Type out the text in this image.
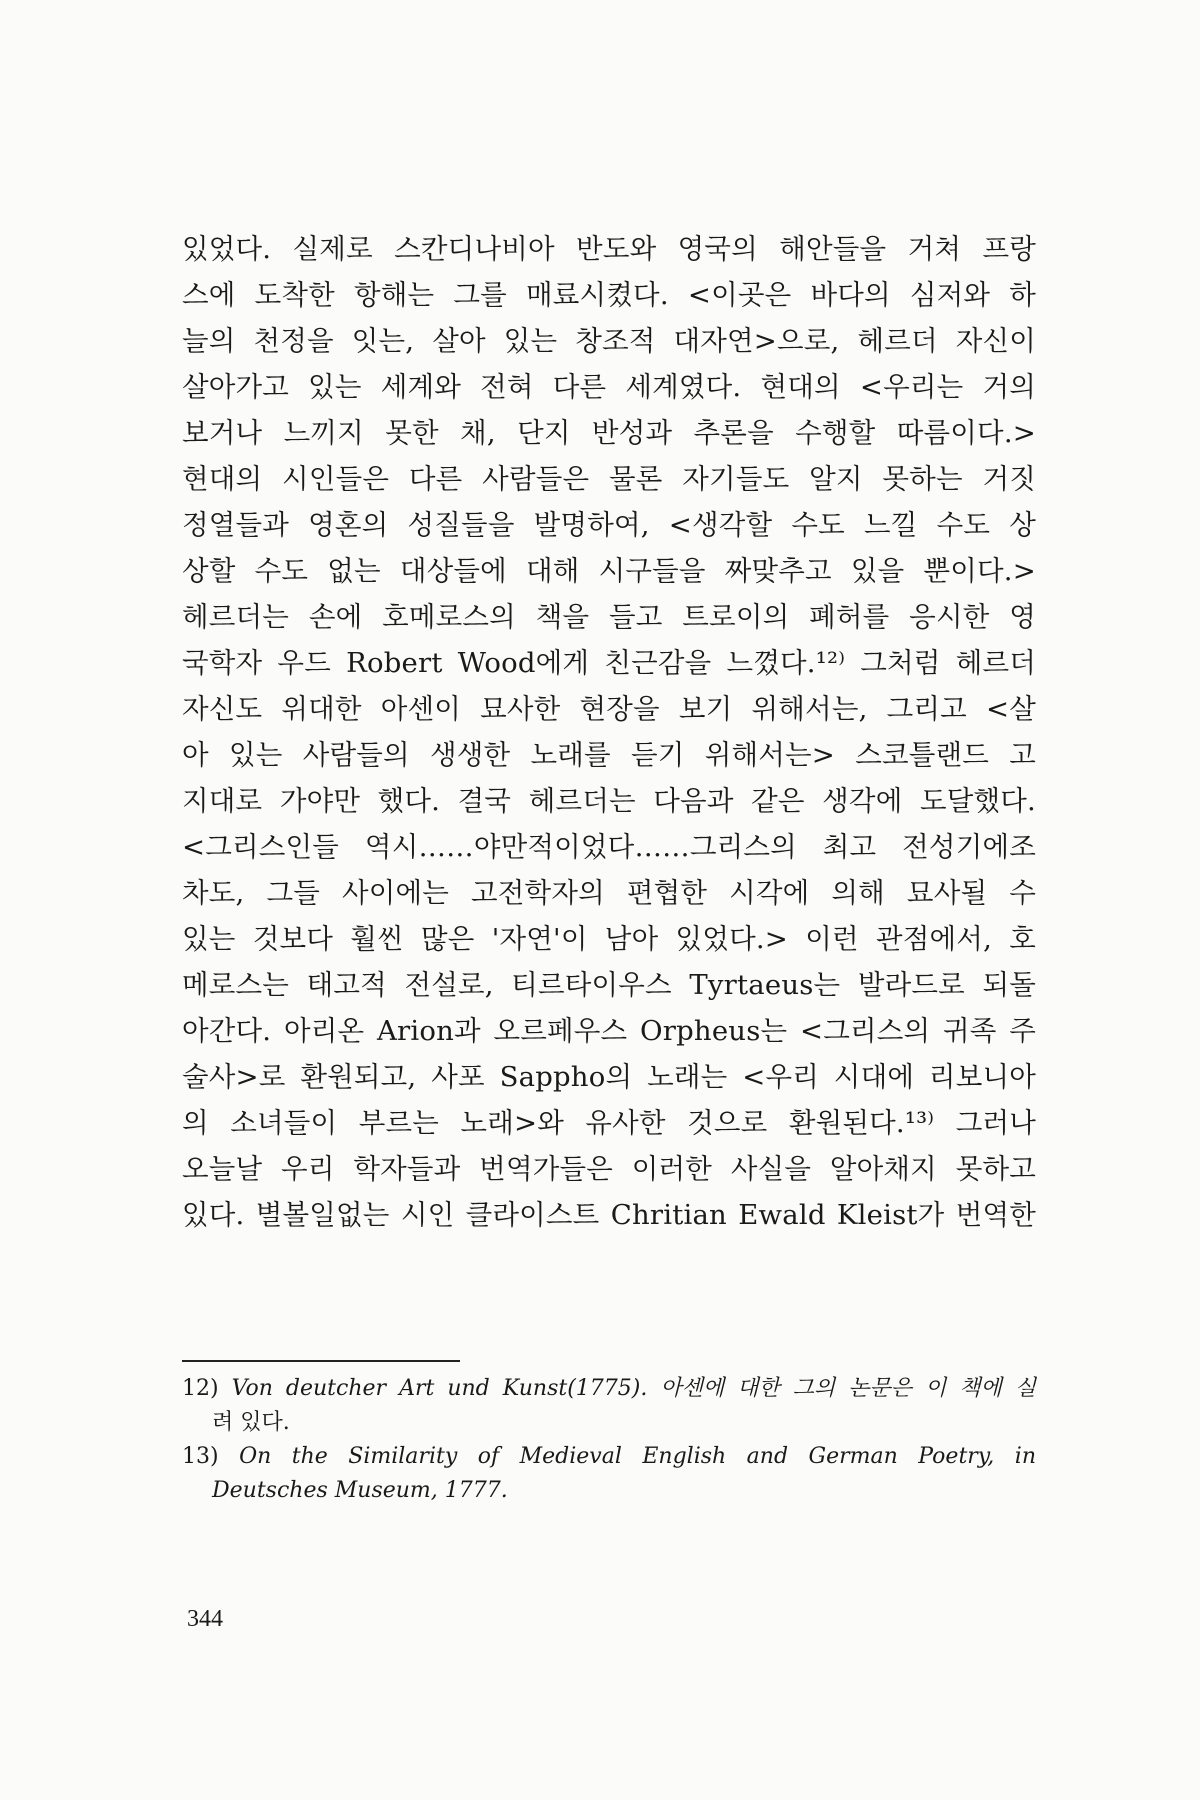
있었다. 실제로 스칸디나비아 반도와 영국의 해안들을 거쳐 프랑
스에 도착한 항해는 그를 매료시켰다. <이곳은 바다의 심저와 하
늘의 천정을 잇는, 살아 있는 창조적 대자연>으로, 헤르더 자신이
살아가고 있는 세계와 전혀 다른 세계였다. 현대의 <우리는 거의
보거나 느끼지 못한 채, 단지 반성과 추론을 수행할 따름이다.>
현대의 시인들은 다른 사람들은 물론 자기들도 알지 못하는 거짓
정열들과 영혼의 성질들을 발명하여, <생각할 수도 느낄 수도 상
상할 수도 없는 대상들에 대해 시구들을 짜맞추고 있을 뿐이다.>
헤르더는 손에 호메로스의 책을 들고 트로이의 폐허를 응시한 영
국학자 우드 Robert Wood에게 친근감을 느꼈다.¹²⁾ 그처럼 헤르더
자신도 위대한 아센이 묘사한 현장을 보기 위해서는, 그리고 <살
아 있는 사람들의 생생한 노래를 듣기 위해서는> 스코틀랜드 고
지대로 가야만 했다. 결국 헤르더는 다음과 같은 생각에 도달했다.
<그리스인들 역시……야만적이었다……그리스의 최고 전성기에조
차도, 그들 사이에는 고전학자의 편협한 시각에 의해 묘사될 수
있는 것보다 훨씬 많은 '자연'이 남아 있었다.> 이런 관점에서, 호
메로스는 태고적 전설로, 티르타이우스 Tyrtaeus는 발라드로 되돌
아간다. 아리온 Arion과 오르페우스 Orpheus는 <그리스의 귀족 주
술사>로 환원되고, 사포 Sappho의 노래는 <우리 시대에 리보니아
의 소녀들이 부르는 노래>와 유사한 것으로 환원된다.¹³⁾ 그러나
오늘날 우리 학자들과 번역가들은 이러한 사실을 알아채지 못하고
있다. 별볼일없는 시인 클라이스트 Chritian Ewald Kleist가 번역한
12) Von deutcher Art und Kunst(1775). 아센에 대한 그의 논문은 이 책에 실
려 있다.
13) On the Similarity of Medieval English and German Poetry, in
Deutsches Museum, 1777.
344
